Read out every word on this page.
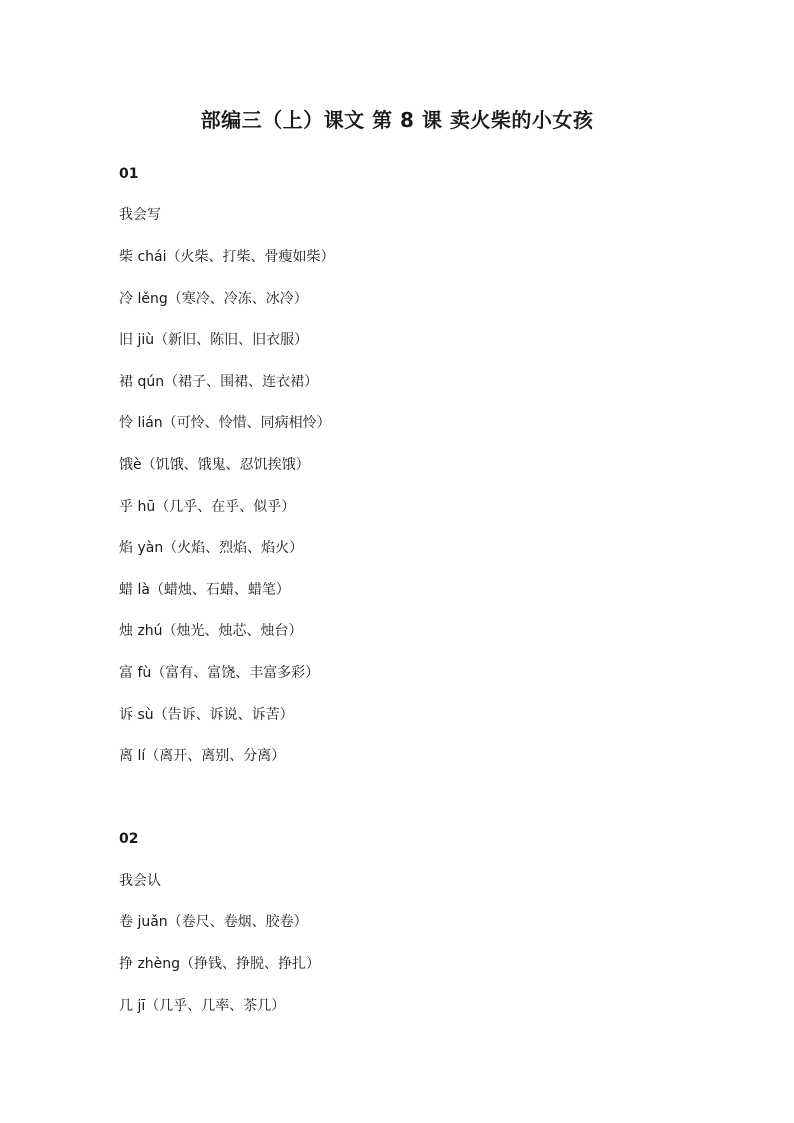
部编三（上）课文 第 8 课 卖火柴的小女孩
01
我会写
柴 chái（火柴、打柴、骨瘦如柴）
冷 lěng（寒冷、冷冻、冰冷）
旧 jiù（新旧、陈旧、旧衣服）
裙 qún（裙子、围裙、连衣裙）
怜 lián（可怜、怜惜、同病相怜）
饿è（饥饿、饿鬼、忍饥挨饿）
乎 hū（几乎、在乎、似乎）
焰 yàn（火焰、烈焰、焰火）
蜡 là（蜡烛、石蜡、蜡笔）
烛 zhú（烛光、烛芯、烛台）
富 fù（富有、富饶、丰富多彩）
诉 sù（告诉、诉说、诉苦）
离 lí（离开、离别、分离）
02
我会认
卷 juǎn（卷尺、卷烟、胶卷）
挣 zhèng（挣钱、挣脱、挣扎）
几 jī（几乎、几率、茶几）
